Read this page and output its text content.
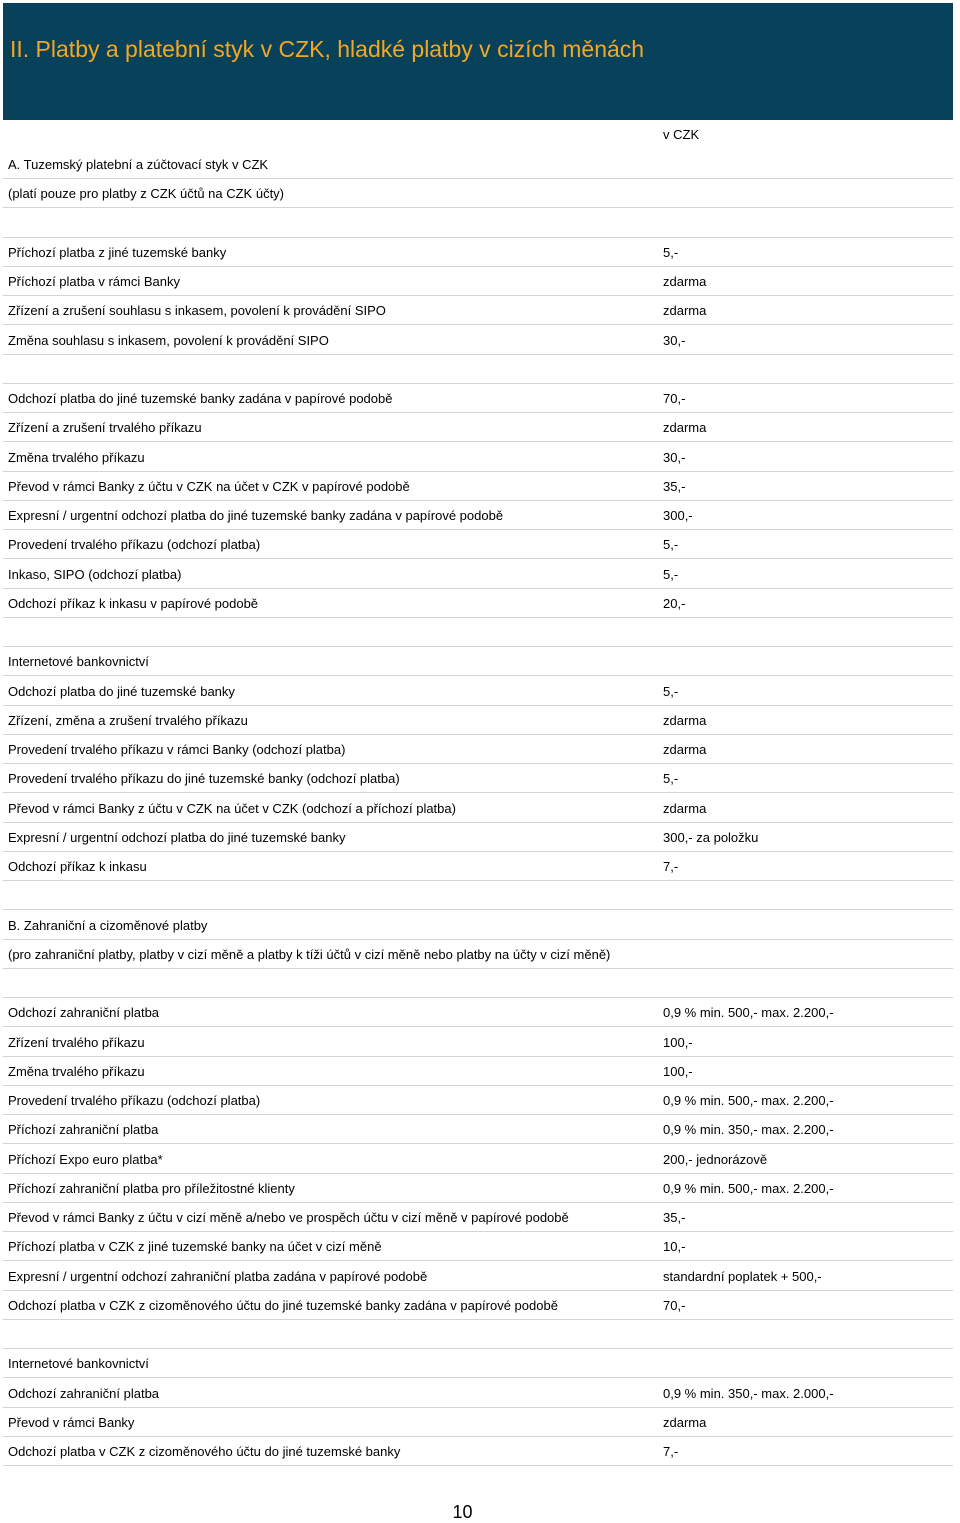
II. Platby a platební styk v CZK, hladké platby v cizích měnách
v CZK
A. Tuzemský platební a zúčtovací styk v CZK
(platí pouze pro platby z CZK účtů na CZK účty)
Příchozí platba z jiné tuzemské banky	5,-
Příchozí platba v rámci Banky	zdarma
Zřízení a zrušení souhlasu s inkasem, povolení k provádění SIPO	zdarma
Změna souhlasu s inkasem, povolení k provádění SIPO	30,-
Odchozí platba do jiné tuzemské banky zadána v papírové podobě	70,-
Zřízení a zrušení trvalého příkazu	zdarma
Změna trvalého příkazu	30,-
Převod v rámci Banky z účtu v CZK na účet v CZK v papírové podobě	35,-
Expresní / urgentní odchozí platba do jiné tuzemské banky zadána v papírové podobě	300,-
Provedení trvalého příkazu (odchozí platba)	5,-
Inkaso, SIPO (odchozí platba)	5,-
Odchozí příkaz k inkasu v papírové podobě	20,-
Internetové bankovnictví
Odchozí platba do jiné tuzemské banky	5,-
Zřízení, změna a zrušení trvalého příkazu	zdarma
Provedení trvalého příkazu v rámci Banky (odchozí platba)	zdarma
Provedení trvalého příkazu do jiné tuzemské banky (odchozí platba)	5,-
Převod v rámci Banky z účtu v CZK na účet v CZK (odchozí a příchozí platba)	zdarma
Expresní / urgentní odchozí platba do jiné tuzemské banky	300,- za položku
Odchozí příkaz k inkasu	7,-
B. Zahraniční a cizoměnové platby
(pro zahraniční platby, platby v cizí měně a platby k tíži účtů v cizí měně nebo platby na účty v cizí měně)
Odchozí zahraniční platba	0,9 % min. 500,- max. 2.200,-
Zřízení trvalého příkazu	100,-
Změna trvalého příkazu	100,-
Provedení trvalého příkazu (odchozí platba)	0,9 % min. 500,- max. 2.200,-
Příchozí zahraniční platba	0,9 % min. 350,- max. 2.200,-
Příchozí Expo euro platba*	200,- jednorázově
Příchozí zahraniční platba pro příležitostné klienty	0,9 % min. 500,- max. 2.200,-
Převod v rámci Banky z účtu v cizí měně a/nebo ve prospěch účtu v cizí měně v papírové podobě	35,-
Příchozí platba v CZK z jiné tuzemské banky na účet v cizí měně	10,-
Expresní / urgentní odchozí zahraniční platba zadána v papírové podobě	standardní poplatek + 500,-
Odchozí platba v CZK z cizoměnového účtu do jiné tuzemské banky zadána v papírové podobě	70,-
Internetové bankovnictví
Odchozí zahraniční platba	0,9 % min. 350,- max. 2.000,-
Převod v rámci Banky	zdarma
Odchozí platba v CZK z cizoměnového účtu do jiné tuzemské banky	7,-
10
